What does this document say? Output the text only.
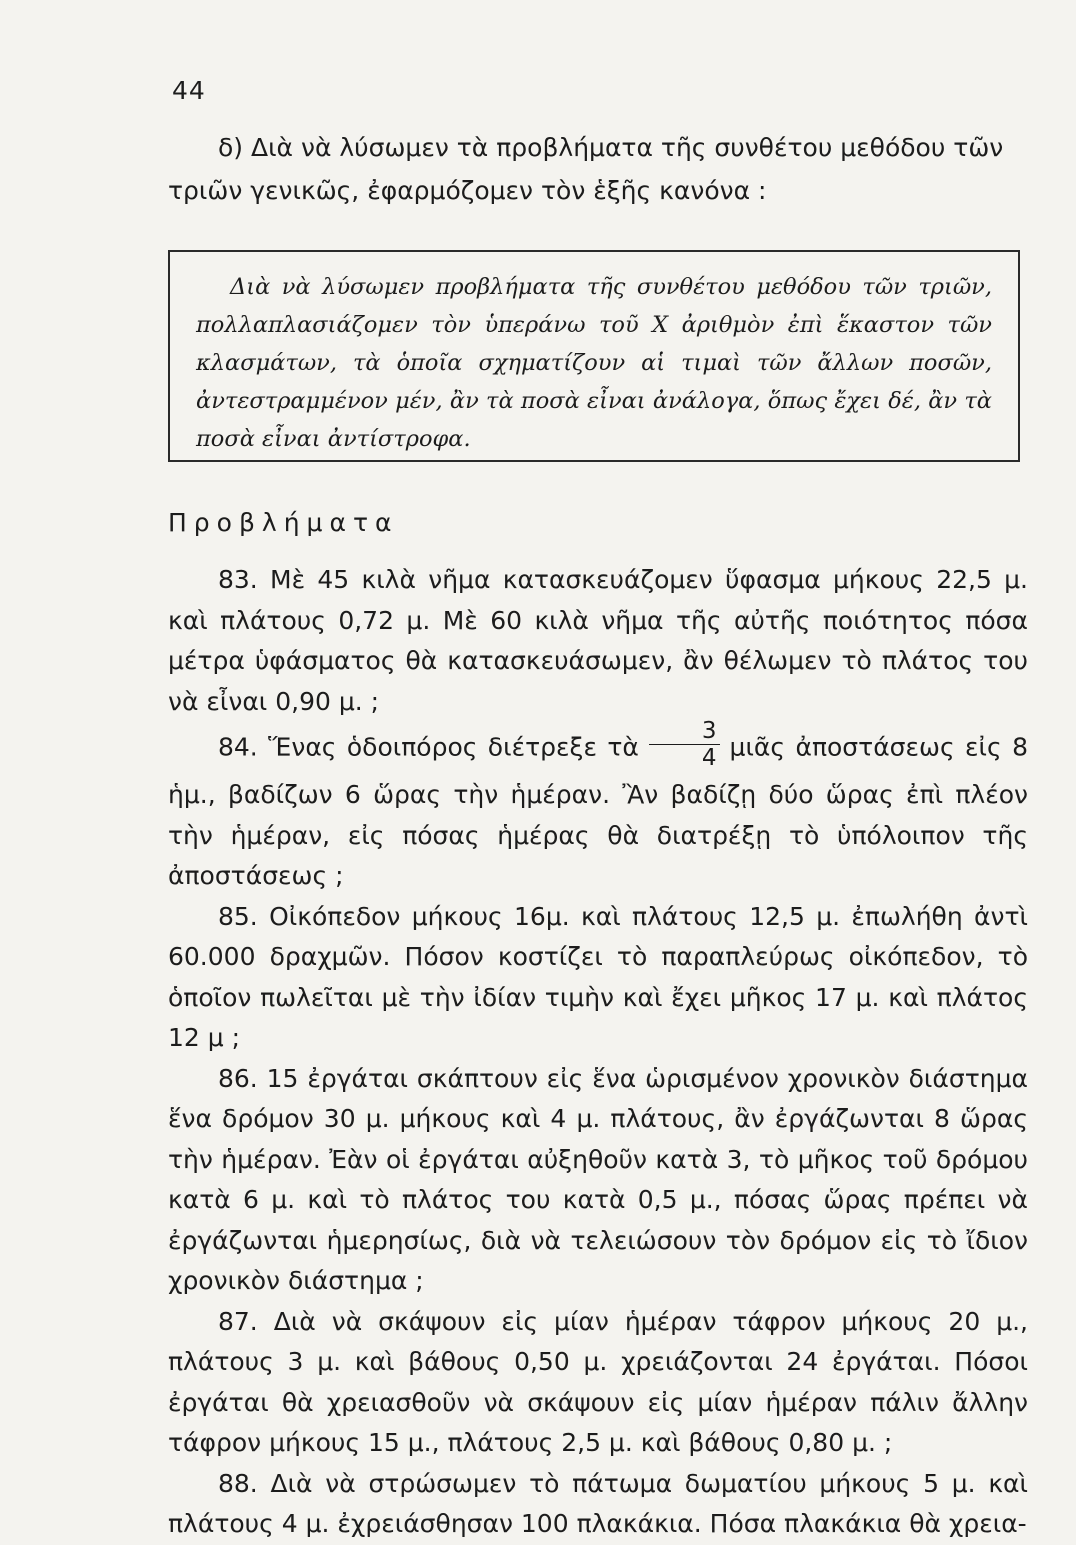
44

δ) Διὰ νὰ λύσωμεν τὰ προβλήματα τῆς συνθέτου μεθόδου τῶν

τριῶν γενικῶς, ἐφαρμόζομεν τὸν ἑξῆς κανόνα :

Διὰ νὰ λύσωμεν προβλήματα τῆς συνθέτου μεθόδου τῶν τριῶν, πολλαπλασιάζομεν τὸν ὑπεράνω τοῦ X ἀριθμὸν ἐπὶ ἕκαστον τῶν κλασμάτων, τὰ ὁποῖα σχηματίζουν αἱ τιμαὶ τῶν ἄλλων ποσῶν, ἀντεστραμμένον μέν, ἂν τὰ ποσὰ εἶναι ἀνάλογα, ὅπως ἔχει δέ, ἂν τὰ ποσὰ εἶναι ἀντίστροφα.

Προβλήματα

83. Μὲ 45 κιλὰ νῆμα κατασκευάζομεν ὕφασμα μήκους 22,5 μ. καὶ πλάτους 0,72 μ. Μὲ 60 κιλὰ νῆμα τῆς αὐτῆς ποιότητος πόσα μέτρα ὑφάσματος θὰ κατασκευάσωμεν, ἂν θέλωμεν τὸ πλάτος του νὰ εἶναι 0,90 μ. ;

84. Ἕνας ὁδοιπόρος διέτρεξε τὰ $\frac{3}{4}$ μιᾶς ἀποστάσεως εἰς 8 ἡμ., βαδίζων 6 ὥρας τὴν ἡμέραν. Ἂν βαδίζῃ δύο ὥρας ἐπὶ πλέον τὴν ἡμέραν, εἰς πόσας ἡμέρας θὰ διατρέξῃ τὸ ὑπόλοιπον τῆς ἀποστάσεως ;

85. Οἰκόπεδον μήκους 16μ. καὶ πλάτους 12,5 μ. ἐπωλήθη ἀντὶ 60.000 δραχμῶν. Πόσον κοστίζει τὸ παραπλεύρως οἰκόπεδον, τὸ ὁποῖον πωλεῖται μὲ τὴν ἰδίαν τιμὴν καὶ ἔχει μῆκος 17 μ. καὶ πλάτος 12 μ ;

86. 15 ἐργάται σκάπτουν εἰς ἕνα ὡρισμένον χρονικὸν διάστημα ἕνα δρόμον 30 μ. μήκους καὶ 4 μ. πλάτους, ἂν ἐργάζωνται 8 ὥρας τὴν ἡμέραν. Ἐὰν οἱ ἐργάται αὐξηθοῦν κατὰ 3, τὸ μῆκος τοῦ δρόμου κατὰ 6 μ. καὶ τὸ πλάτος του κατὰ 0,5 μ., πόσας ὥρας πρέπει νὰ ἐργάζωνται ἡμερησίως, διὰ νὰ τελειώσουν τὸν δρόμον εἰς τὸ ἴδιον χρονικὸν διάστημα ;

87. Διὰ νὰ σκάψουν εἰς μίαν ἡμέραν τάφρον μήκους 20 μ., πλάτους 3 μ. καὶ βάθους 0,50 μ. χρειάζονται 24 ἐργάται. Πόσοι ἐργάται θὰ χρειασθοῦν νὰ σκάψουν εἰς μίαν ἡμέραν πάλιν ἄλλην τάφρον μήκους 15 μ., πλάτους 2,5 μ. καὶ βάθους 0,80 μ. ;

88. Διὰ νὰ στρώσωμεν τὸ πάτωμα δωματίου μήκους 5 μ. καὶ πλάτους 4 μ. ἐχρειάσθησαν 100 πλακάκια. Πόσα πλακάκια θὰ χρεια-
